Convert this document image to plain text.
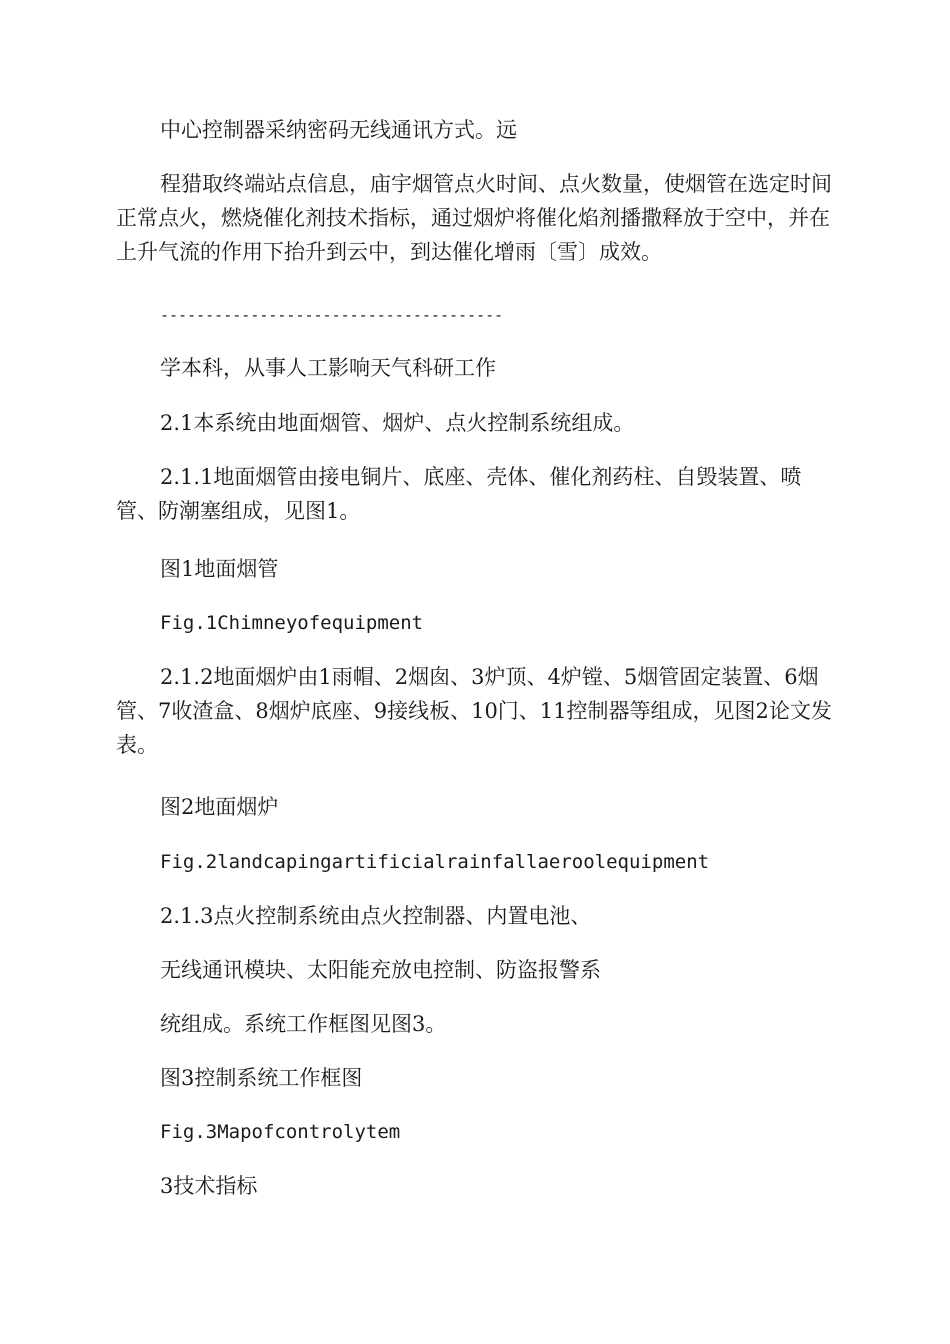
中心控制器采纳密码无线通讯方式。远

程猎取终端站点信息，庙宇烟管点火时间、点火数量，使烟管在选定时间正常点火，燃烧催化剂技术指标，通过烟炉将催化焰剂播撒释放于空中，并在上升气流的作用下抬升到云中，到达催化增雨〔雪〕成效。

--------------------------------------

学本科，从事人工影响天气科研工作

2.1本系统由地面烟管、烟炉、点火控制系统组成。

2.1.1地面烟管由接电铜片、底座、壳体、催化剂药柱、自毁装置、喷管、防潮塞组成，见图1。

图1地面烟管

Fig.1Chimneyofequipment

2.1.2地面烟炉由1雨帽、2烟囱、3炉顶、4炉镗、5烟管固定装置、6烟管、7收渣盒、8烟炉底座、9接线板、10门、11控制器等组成，见图2论文发表。

图2地面烟炉

Fig.2landcapingartificialrainfallaeroolequipment

2.1.3点火控制系统由点火控制器、内置电池、

无线通讯模块、太阳能充放电控制、防盗报警系

统组成。系统工作框图见图3。

图3控制系统工作框图

Fig.3Mapofcontrolytem

3技术指标
